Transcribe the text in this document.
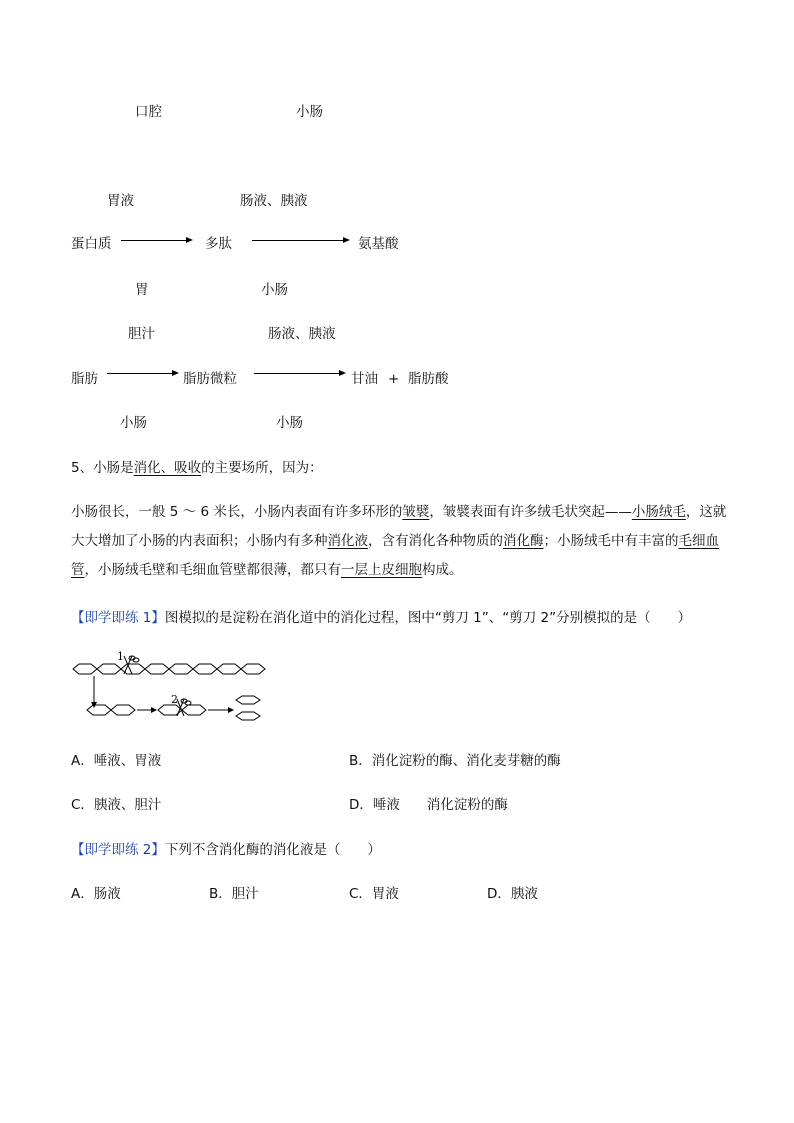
口腔	小肠
胃液	肠液、胰液
蛋白质	多肽	氨基酸
胃	小肠
胆汁	肠液、胰液
脂肪	脂肪微粒	甘油 + 脂肪酸
小肠	小肠
5、小肠是消化、吸收的主要场所，因为：
小肠很长，一般 5 ～ 6 米长，小肠内表面有许多环形的皱襞，皱襞表面有许多绒毛状突起——小肠绒毛，这就大大增加了小肠的内表面积；小肠内有多种消化液，含有消化各种物质的消化酶；小肠绒毛中有丰富的毛细血管，小肠绒毛壁和毛细血管壁都很薄，都只有一层上皮细胞构成。
【即学即练 1】图模拟的是淀粉在消化道中的消化过程，图中“剪刀 1”、“剪刀 2”分别模拟的是（　　）
1
2
A．唾液、胃液	B．消化淀粉的酶、消化麦芽糖的酶
C．胰液、胆汁	D．唾液　　消化淀粉的酶
【即学即练 2】下列不含消化酶的消化液是（　　）
A．肠液	B．胆汁	C．胃液	D．胰液
